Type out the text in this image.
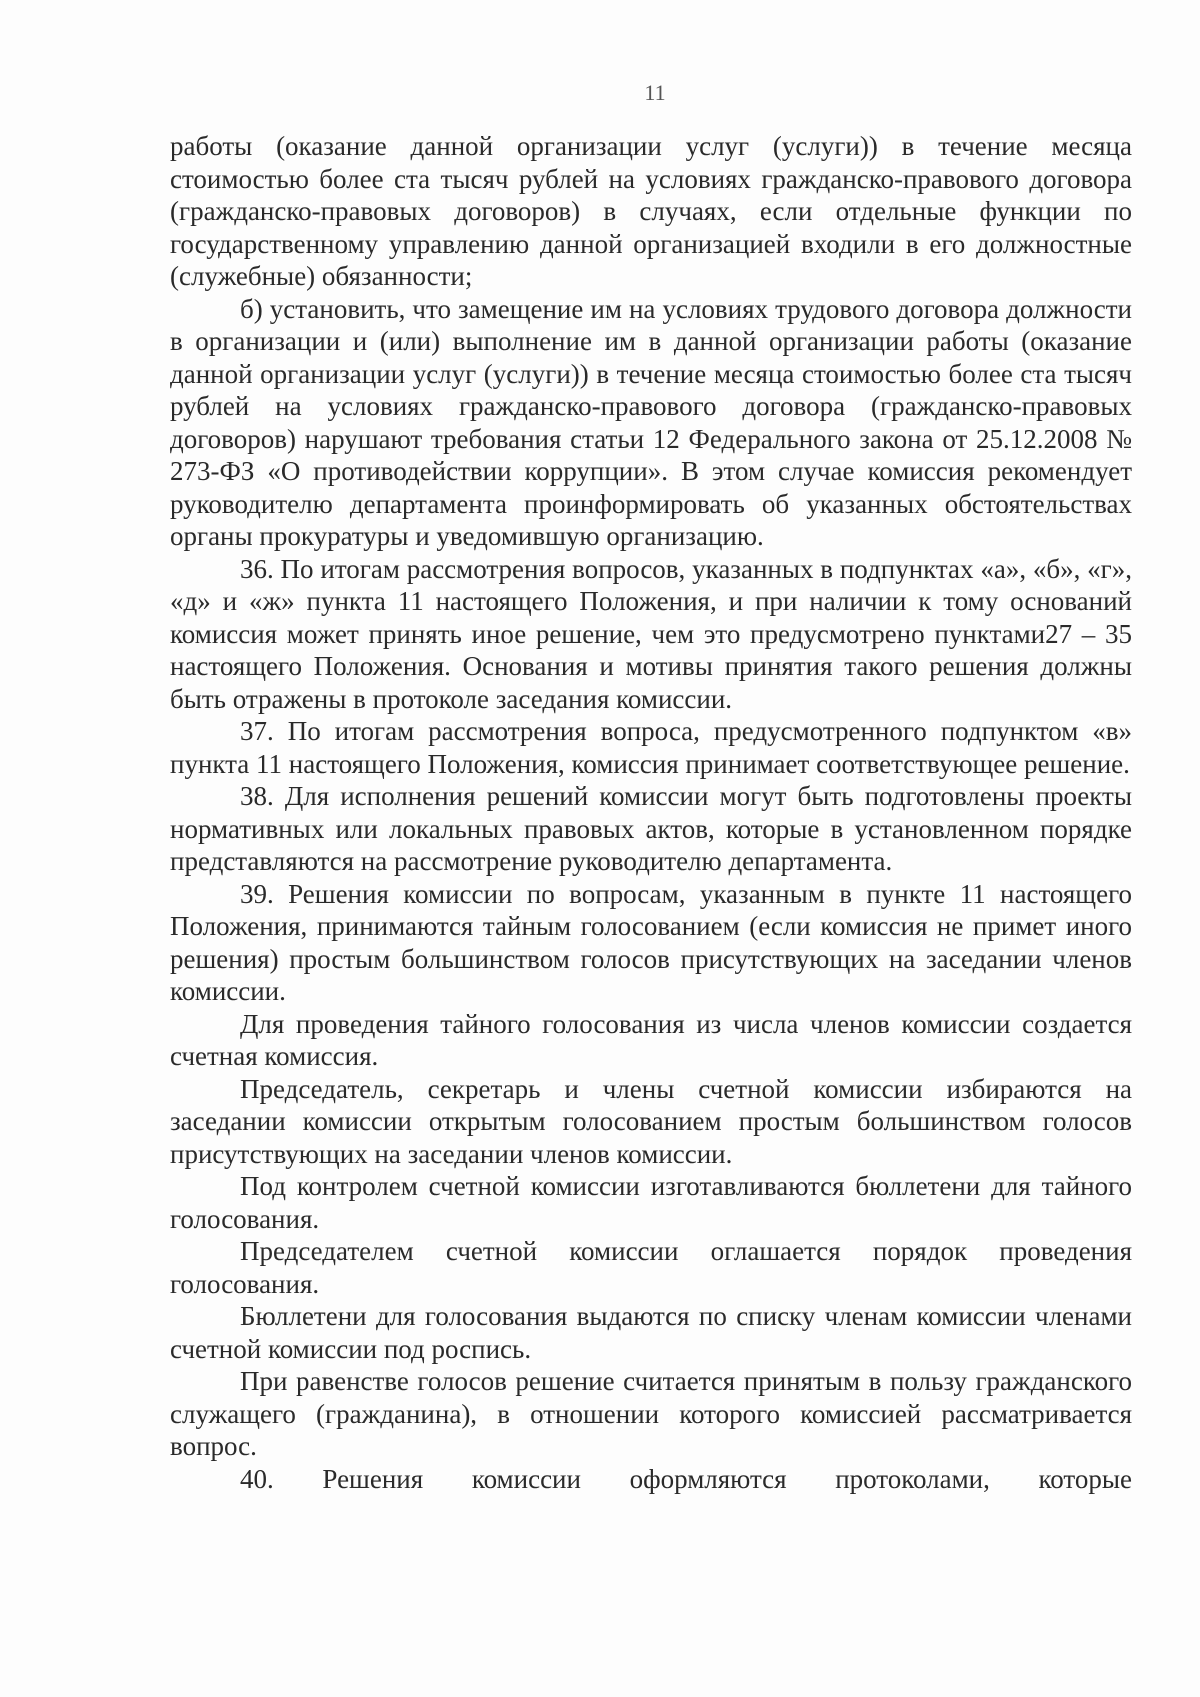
11

работы (оказание данной организации услуг (услуги)) в течение месяца стоимостью более ста тысяч рублей на условиях гражданско-правового договора (гражданско-правовых договоров) в случаях, если отдельные функции по государственному управлению данной организацией входили в его должностные (служебные) обязанности;

б) установить, что замещение им на условиях трудового договора должности в организации и (или) выполнение им в данной организации работы (оказание данной организации услуг (услуги)) в течение месяца стоимостью более ста тысяч рублей на условиях гражданско-правового договора (гражданско-правовых договоров) нарушают требования статьи 12 Федерального закона от 25.12.2008 № 273-ФЗ «О противодействии коррупции». В этом случае комиссия рекомендует руководителю департамента проинформировать об указанных обстоятельствах органы прокуратуры и уведомившую организацию.

36. По итогам рассмотрения вопросов, указанных в подпунктах «а», «б», «г», «д» и «ж» пункта 11 настоящего Положения, и при наличии к тому оснований комиссия может принять иное решение, чем это предусмотрено пунктами27 – 35 настоящего Положения. Основания и мотивы принятия такого решения должны быть отражены в протоколе заседания комиссии.

37. По итогам рассмотрения вопроса, предусмотренного подпунктом «в» пункта 11 настоящего Положения, комиссия принимает соответствующее решение.

38. Для исполнения решений комиссии могут быть подготовлены проекты нормативных или локальных правовых актов, которые в установленном порядке представляются на рассмотрение руководителю департамента.

39. Решения комиссии по вопросам, указанным в пункте 11 настоящего Положения, принимаются тайным голосованием (если комиссия не примет иного решения) простым большинством голосов присутствующих на заседании членов комиссии.

Для проведения тайного голосования из числа членов комиссии создается счетная комиссия.

Председатель, секретарь и члены счетной комиссии избираются на заседании комиссии открытым голосованием простым большинством голосов присутствующих на заседании членов комиссии.

Под контролем счетной комиссии изготавливаются бюллетени для тайного голосования.

Председателем счетной комиссии оглашается порядок проведения голосования.

Бюллетени для голосования выдаются по списку членам комиссии членами счетной комиссии под роспись.

При равенстве голосов решение считается принятым в пользу гражданского служащего (гражданина), в отношении которого комиссией рассматривается вопрос.

40. Решения комиссии оформляются протоколами, которые
